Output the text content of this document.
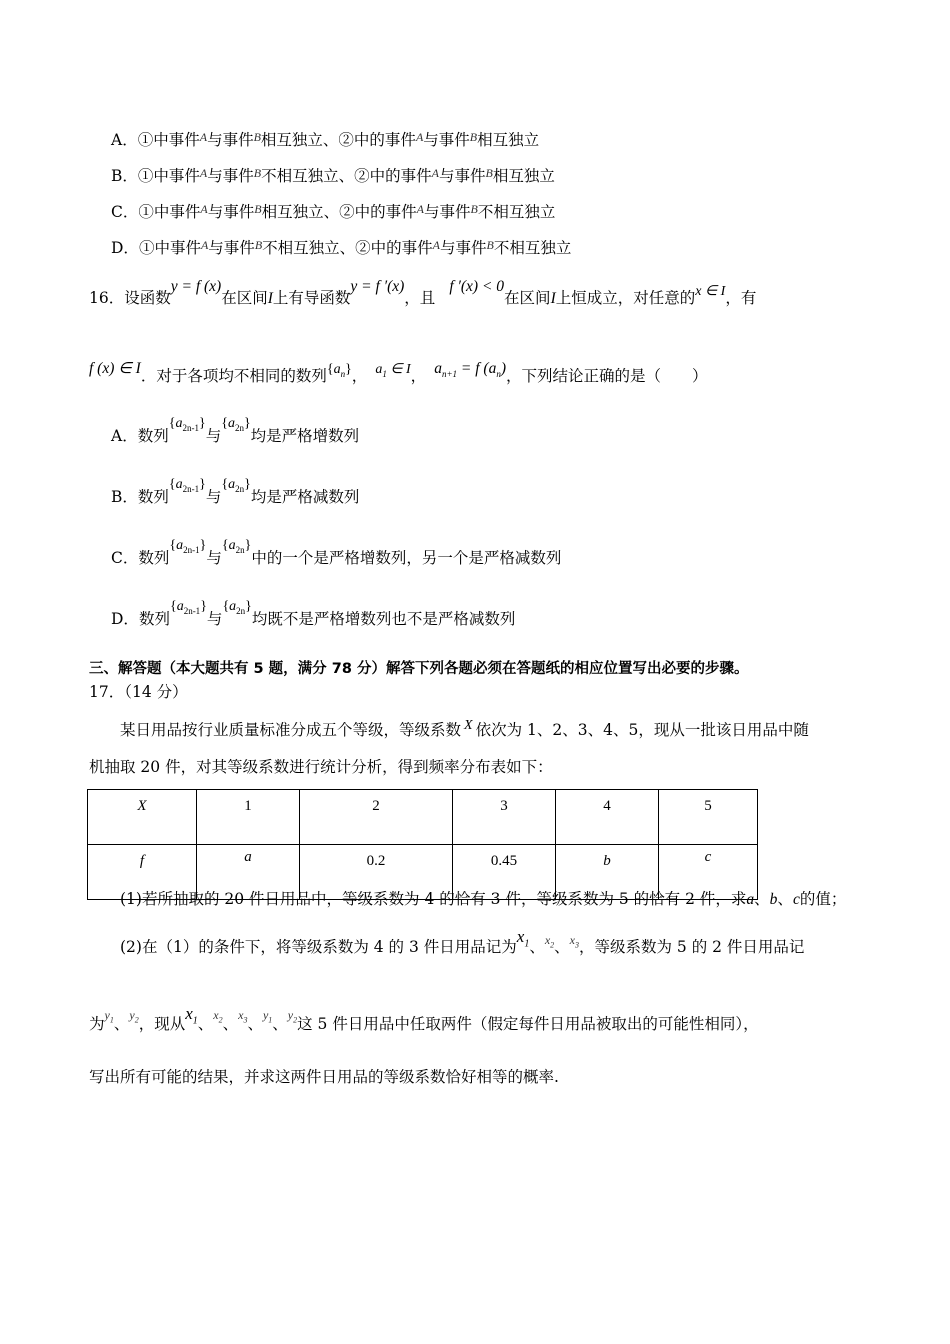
A．①中事件$^A$与事件$^B$相互独立、②中的事件$^A$与事件$^B$相互独立
B．①中事件$^A$与事件$^B$不相互独立、②中的事件$^A$与事件$^B$相互独立
C．①中事件$^A$与事件$^B$相互独立、②中的事件$^A$与事件$^B$不相互独立
D．①中事件$^A$与事件$^B$不相互独立、②中的事件$^A$与事件$^B$不相互独立
16．设函数y = f (x)在区间I上有导函数y = f ′(x)，且f ′(x) < 0在区间I上恒成立，对任意的x ∈ I，有
f (x) ∈ I．对于各项均不相同的数列$\{a_n\}$， $a_1$ ∈ I， $a_{n+1} = f$ $(a_n)$，下列结论正确的是（　　）
A．数列$\{a_{2n-1}\}$与$\{a_{2n}\}$均是严格增数列
B．数列$\{a_{2n-1}\}$与$\{a_{2n}\}$均是严格减数列
C．数列$\{a_{2n-1}\}$与$\{a_{2n}\}$中的一个是严格增数列，另一个是严格减数列
D．数列$\{a_{2n-1}\}$与$\{a_{2n}\}$均既不是严格增数列也不是严格减数列
三、解答题（本大题共有 5 题，满分 78 分）解答下列各题必须在答题纸的相应位置写出必要的步骤。
17．（14 分）
某日用品按行业质量标准分成五个等级，等级系数 X 依次为 1、2、3、4、5，现从一批该日用品中随
机抽取 20 件，对其等级系数进行统计分析，得到频率分布表如下：
X	1	2	3	4	5
f	a	0.2	0.45	b	c
(1)若所抽取的 20 件日用品中，等级系数为 4 的恰有 3 件，等级系数为 5 的恰有 2 件，求a、b、c的值；
(2)在（1）的条件下，将等级系数为 4 的 3 件日用品记为$x_1$、$^{x_2}$、$^{x_3}$，等级系数为 5 的 2 件日用品记
为$^{y_1}$、$^{y_2}$，现从$x_1$、$^{x_2}$、$^{x_3}$、$^{y_1}$、$^{y_2}$这 5 件日用品中任取两件（假定每件日用品被取出的可能性相同），
写出所有可能的结果，并求这两件日用品的等级系数恰好相等的概率.
